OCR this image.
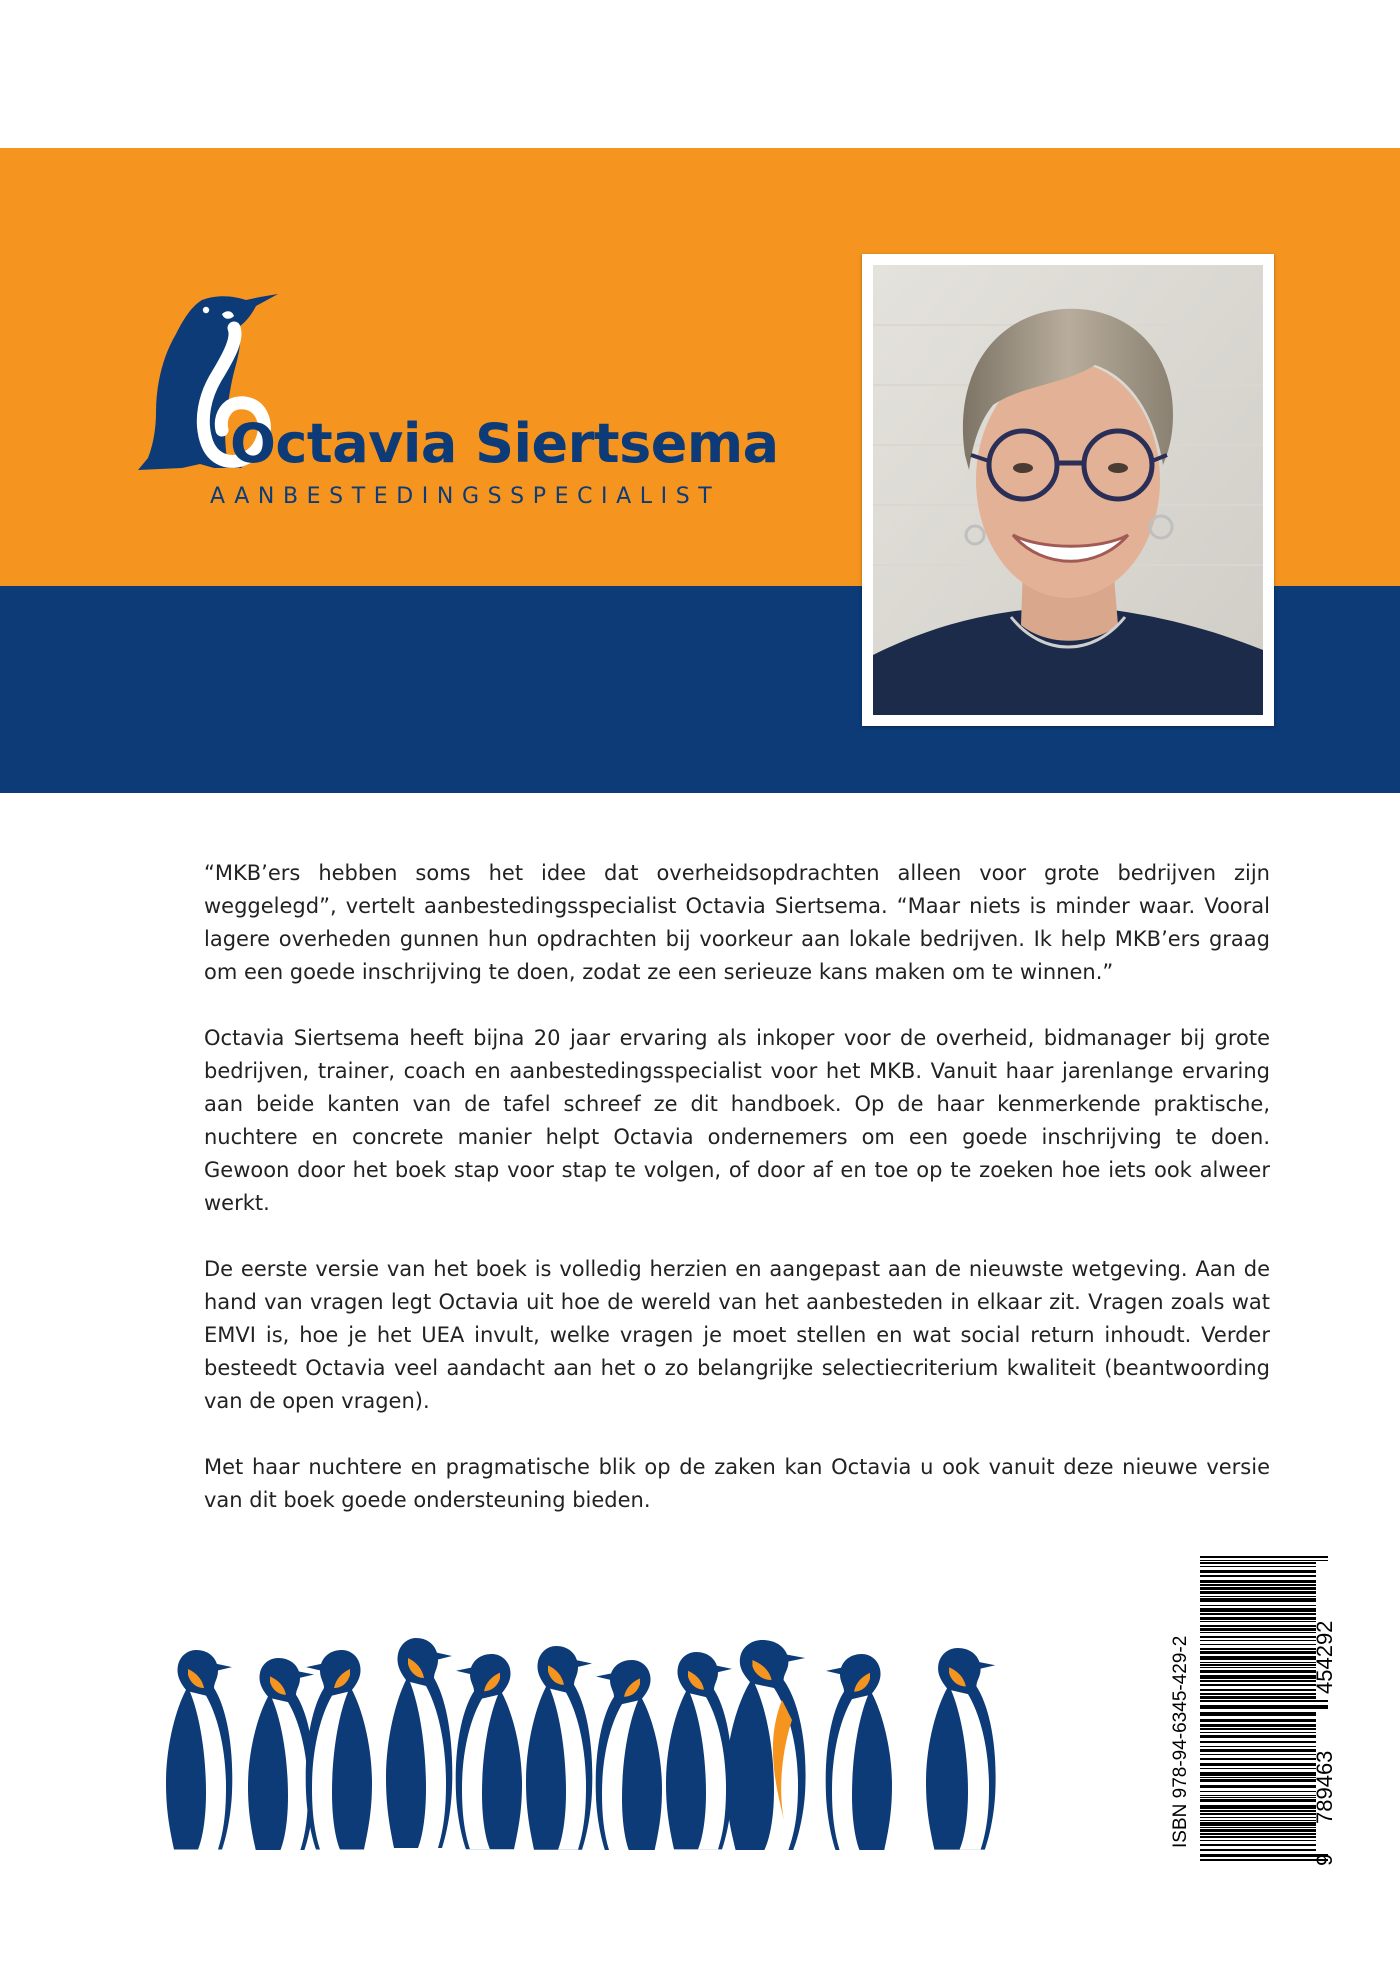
Octavia Siertsema
AANBESTEDINGSSPECIALIST

“MKB’ers hebben soms het idee dat overheidsopdrachten alleen voor grote bedrijven zijn weggelegd”, vertelt aanbestedingsspecialist Octavia Siertsema. “Maar niets is minder waar. Vooral lagere overheden gunnen hun opdrachten bij voorkeur aan lokale bedrijven. Ik help MKB’ers graag om een goede inschrijving te doen, zodat ze een serieuze kans maken om te winnen.”

Octavia Siertsema heeft bijna 20 jaar ervaring als inkoper voor de overheid, bidmanager bij grote bedrijven, trainer, coach en aanbestedingsspecialist voor het MKB. Vanuit haar jarenlange ervaring aan beide kanten van de tafel schreef ze dit handboek. Op de haar kenmerkende praktische, nuchtere en concrete manier helpt Octavia ondernemers om een goede inschrijving te doen. Gewoon door het boek stap voor stap te volgen, of door af en toe op te zoeken hoe iets ook alweer werkt.

De eerste versie van het boek is volledig herzien en aangepast aan de nieuwste wetgeving. Aan de hand van vragen legt Octavia uit hoe de wereld van het aanbesteden in elkaar zit. Vragen zoals wat EMVI is, hoe je het UEA invult, welke vragen je moet stellen en wat social return inhoudt. Verder besteedt Octavia veel aandacht aan het o zo belangrijke selectiecriterium kwaliteit (beantwoording van de open vragen).

Met haar nuchtere en pragmatische blik op de zaken kan Octavia u ook vanuit deze nieuwe versie van dit boek goede ondersteuning bieden.

ISBN 978-94-6345-429-2
9
789463
454292
